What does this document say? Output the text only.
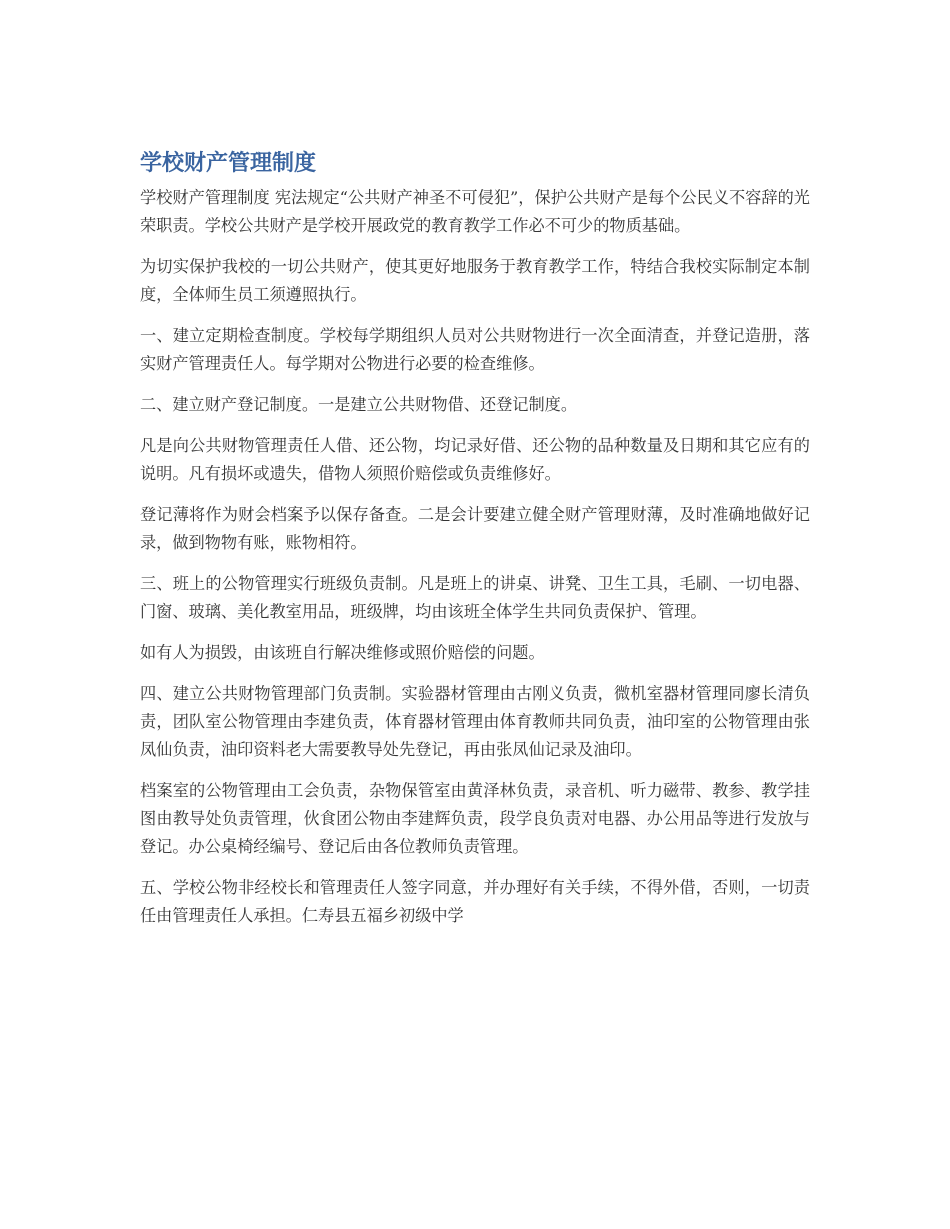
学校财产管理制度

学校财产管理制度 宪法规定“公共财产神圣不可侵犯”，保护公共财产是每个公民义不容辞的光荣职责。学校公共财产是学校开展政党的教育教学工作必不可少的物质基础。

为切实保护我校的一切公共财产，使其更好地服务于教育教学工作，特结合我校实际制定本制度，全体师生员工须遵照执行。

一、建立定期检查制度。学校每学期组织人员对公共财物进行一次全面清查，并登记造册，落实财产管理责任人。每学期对公物进行必要的检查维修。

二、建立财产登记制度。一是建立公共财物借、还登记制度。

凡是向公共财物管理责任人借、还公物，均记录好借、还公物的品种数量及日期和其它应有的说明。凡有损坏或遗失，借物人须照价赔偿或负责维修好。

登记薄将作为财会档案予以保存备查。二是会计要建立健全财产管理财薄，及时准确地做好记录，做到物物有账，账物相符。

三、班上的公物管理实行班级负责制。凡是班上的讲桌、讲凳、卫生工具，毛刷、一切电器、门窗、玻璃、美化教室用品，班级牌，均由该班全体学生共同负责保护、管理。

如有人为损毁，由该班自行解决维修或照价赔偿的问题。

四、建立公共财物管理部门负责制。实验器材管理由古刚义负责，微机室器材管理同廖长清负责，团队室公物管理由李建负责，体育器材管理由体育教师共同负责，油印室的公物管理由张凤仙负责，油印资料老大需要教导处先登记，再由张凤仙记录及油印。

档案室的公物管理由工会负责，杂物保管室由黄泽林负责，录音机、听力磁带、教参、教学挂图由教导处负责管理，伙食团公物由李建辉负责，段学良负责对电器、办公用品等进行发放与登记。办公桌椅经编号、登记后由各位教师负责管理。

五、学校公物非经校长和管理责任人签字同意，并办理好有关手续，不得外借，否则，一切责任由管理责任人承担。仁寿县五福乡初级中学
